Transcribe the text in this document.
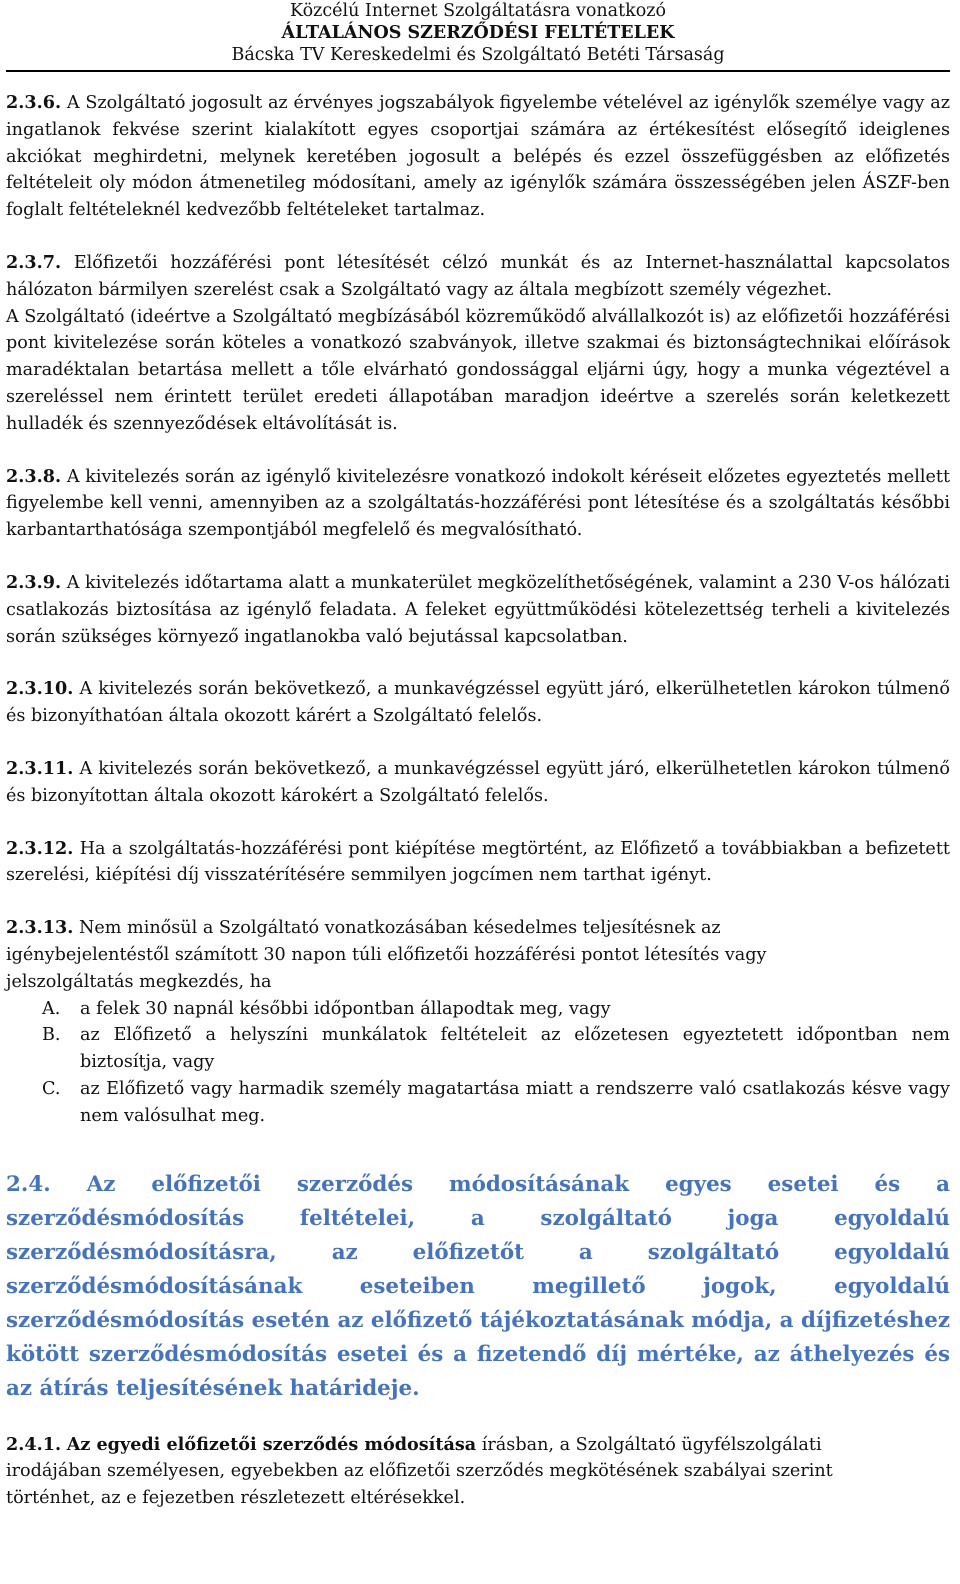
Közcélú Internet Szolgáltatásra vonatkozó
ÁLTALÁNOS SZERZŐDÉSI FELTÉTELEK
Bácska TV Kereskedelmi és Szolgáltató Betéti Társaság

2.3.6. A Szolgáltató jogosult az érvényes jogszabályok figyelembe vételével az igénylők személye vagy az ingatlanok fekvése szerint kialakított egyes csoportjai számára az értékesítést elősegítő ideiglenes akciókat meghirdetni, melynek keretében jogosult a belépés és ezzel összefüggésben az előfizetés feltételeit oly módon átmenetileg módosítani, amely az igénylők számára összességében jelen ÁSZF-ben foglalt feltételeknél kedvezőbb feltételeket tartalmaz.

2.3.7. Előfizetői hozzáférési pont létesítését célzó munkát és az Internet-használattal kapcsolatos hálózaton bármilyen szerelést csak a Szolgáltató vagy az általa megbízott személy végezhet.

A Szolgáltató (ideértve a Szolgáltató megbízásából közreműködő alvállalkozót is) az előfizetői hozzáférési pont kivitelezése során köteles a vonatkozó szabványok, illetve szakmai és biztonságtechnikai előírások maradéktalan betartása mellett a tőle elvárható gondossággal eljárni úgy, hogy a munka végeztével a szereléssel nem érintett terület eredeti állapotában maradjon ideértve a szerelés során keletkezett hulladék és szennyeződések eltávolítását is.

2.3.8. A kivitelezés során az igénylő kivitelezésre vonatkozó indokolt kéréseit előzetes egyeztetés mellett figyelembe kell venni, amennyiben az a szolgáltatás-hozzáférési pont létesítése és a szolgáltatás későbbi karbantarthatósága szempontjából megfelelő és megvalósítható.

2.3.9. A kivitelezés időtartama alatt a munkaterület megközelíthetőségének, valamint a 230 V-os hálózati csatlakozás biztosítása az igénylő feladata. A feleket együttműködési kötelezettség terheli a kivitelezés során szükséges környező ingatlanokba való bejutással kapcsolatban.

2.3.10. A kivitelezés során bekövetkező, a munkavégzéssel együtt járó, elkerülhetetlen károkon túlmenő és bizonyíthatóan általa okozott kárért a Szolgáltató felelős.

2.3.11. A kivitelezés során bekövetkező, a munkavégzéssel együtt járó, elkerülhetetlen károkon túlmenő és bizonyítottan általa okozott károkért a Szolgáltató felelős.

2.3.12. Ha a szolgáltatás-hozzáférési pont kiépítése megtörtént, az Előfizető a továbbiakban a befizetett szerelési, kiépítési díj visszatérítésére semmilyen jogcímen nem tarthat igényt.

2.3.13. Nem minősül a Szolgáltató vonatkozásában késedelmes teljesítésnek az
igénybejelentéstől számított 30 napon túli előfizetői hozzáférési pontot létesítés vagy
jelszolgáltatás megkezdés, ha
A.	a felek 30 napnál későbbi időpontban állapodtak meg, vagy
B.	az Előfizető a helyszíni munkálatok feltételeit az előzetesen egyeztetett időpontban nem biztosítja, vagy
C.	az Előfizető vagy harmadik személy magatartása miatt a rendszerre való csatlakozás késve vagy nem valósulhat meg.
2.4. Az előfizetői szerződés módosításának egyes esetei és a szerződésmódosítás feltételei, a szolgáltató joga egyoldalú szerződésmódosításra, az előfizetőt a szolgáltató egyoldalú szerződésmódosításának eseteiben megillető jogok, egyoldalú szerződésmódosítás esetén az előfizető tájékoztatásának módja, a díjfizetéshez kötött szerződésmódosítás esetei és a fizetendő díj mértéke, az áthelyezés és az átírás teljesítésének határideje.
2.4.1. Az egyedi előfizetői szerződés módosítása írásban, a Szolgáltató ügyfélszolgálati
irodájában személyesen, egyebekben az előfizetői szerződés megkötésének szabályai szerint
történhet, az e fejezetben részletezett eltérésekkel.
